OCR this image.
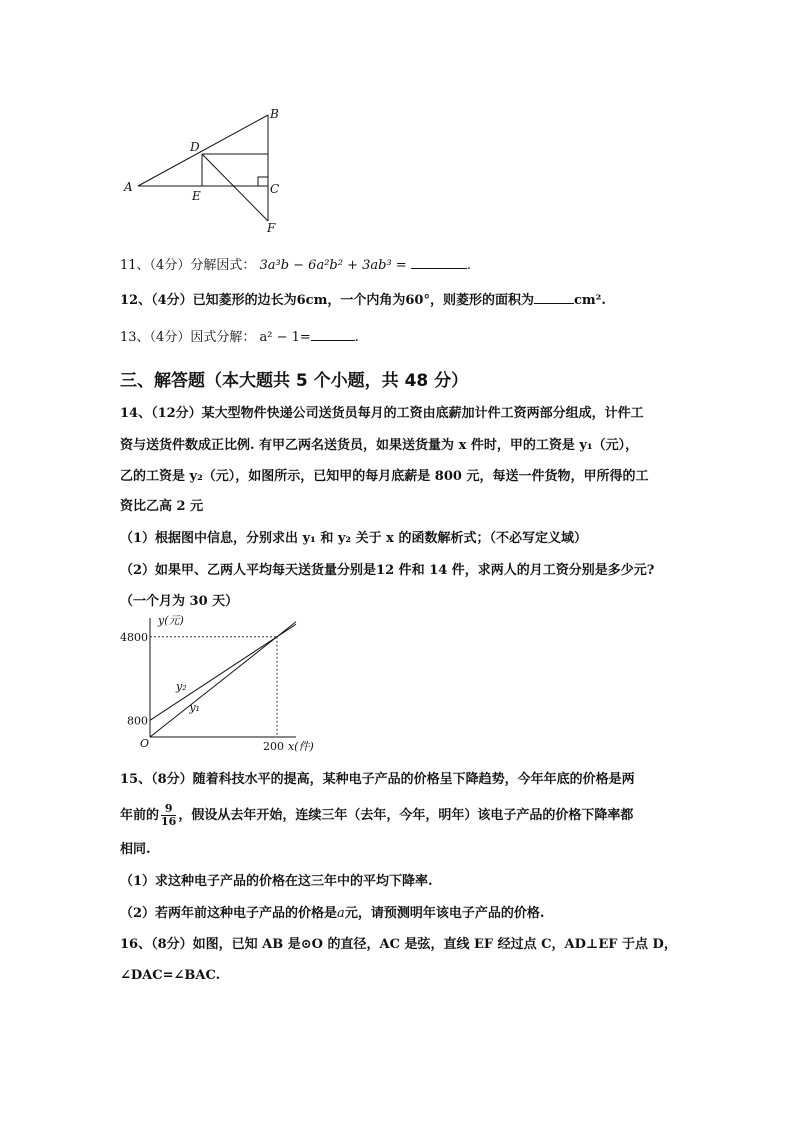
A
B
C
D
E
F
11、（4分）分解因式： 3a³b − 6a²b² + 3ab³ =	.
12、（4分）已知菱形的边长为6cm，一个内角为60°，则菱形的面积为	cm².
13、（4分）因式分解： a² − 1=	.
三、解答题（本大题共 5 个小题，共 48 分）
14、（12分）某大型物件快递公司送货员每月的工资由底薪加计件工资两部分组成，计件工
资与送货件数成正比例. 有甲乙两名送货员，如果送货量为 x 件时，甲的工资是 y₁（元），
乙的工资是 y₂（元），如图所示，已知甲的每月底薪是 800 元，每送一件货物，甲所得的工
资比乙高 2 元
（1）根据图中信息，分别求出 y₁ 和 y₂ 关于 x 的函数解析式；（不必写定义域）
（2）如果甲、乙两人平均每天送货量分别是12 件和 14 件，求两人的月工资分别是多少元?
（一个月为 30 天）
800
4800
200
O
y(元)
x(件)
y₁
y₂
15、（8分）随着科技水平的提高，某种电子产品的价格呈下降趋势，今年年底的价格是两
年前的 $\frac{9}{16}$ ，假设从去年开始，连续三年（去年，今年，明年）该电子产品的价格下降率都
相同.
（1）求这种电子产品的价格在这三年中的平均下降率.
（2）若两年前这种电子产品的价格是a元，请预测明年该电子产品的价格.
16、（8分）如图，已知 AB 是⊙O 的直径，AC 是弦，直线 EF 经过点 C，AD⊥EF 于点 D，
∠DAC=∠BAC.
